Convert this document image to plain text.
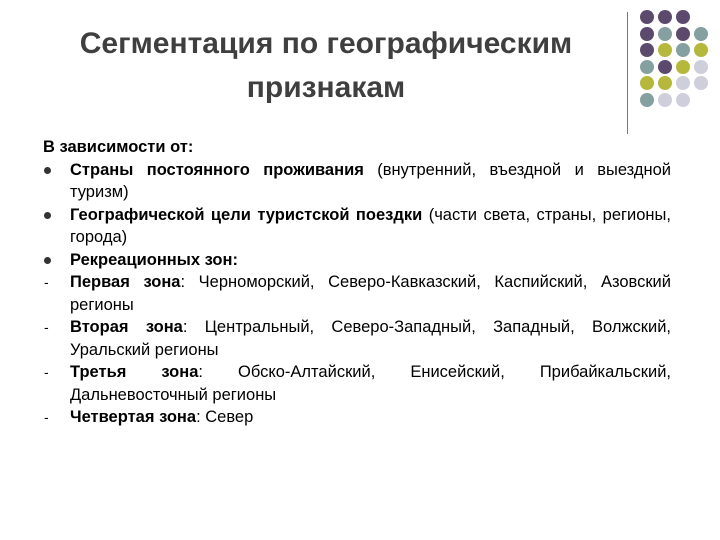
Сегментация по географическим
признакам
В зависимости от:
Страны постоянного проживания (внутренний, въездной и выездной туризм)
Географической цели туристской поездки (части света, страны, регионы, города)
Рекреационных зон:
-	Первая зона: Черноморский, Северо-Кавказский, Каспийский, Азовский регионы
-	Вторая зона: Центральный, Северо-Западный, Западный, Волжский, Уральский регионы
-	Третья зона: Обско-Алтайский, Енисейский, Прибайкальский, Дальневосточный регионы
-	Четвертая зона: Север
